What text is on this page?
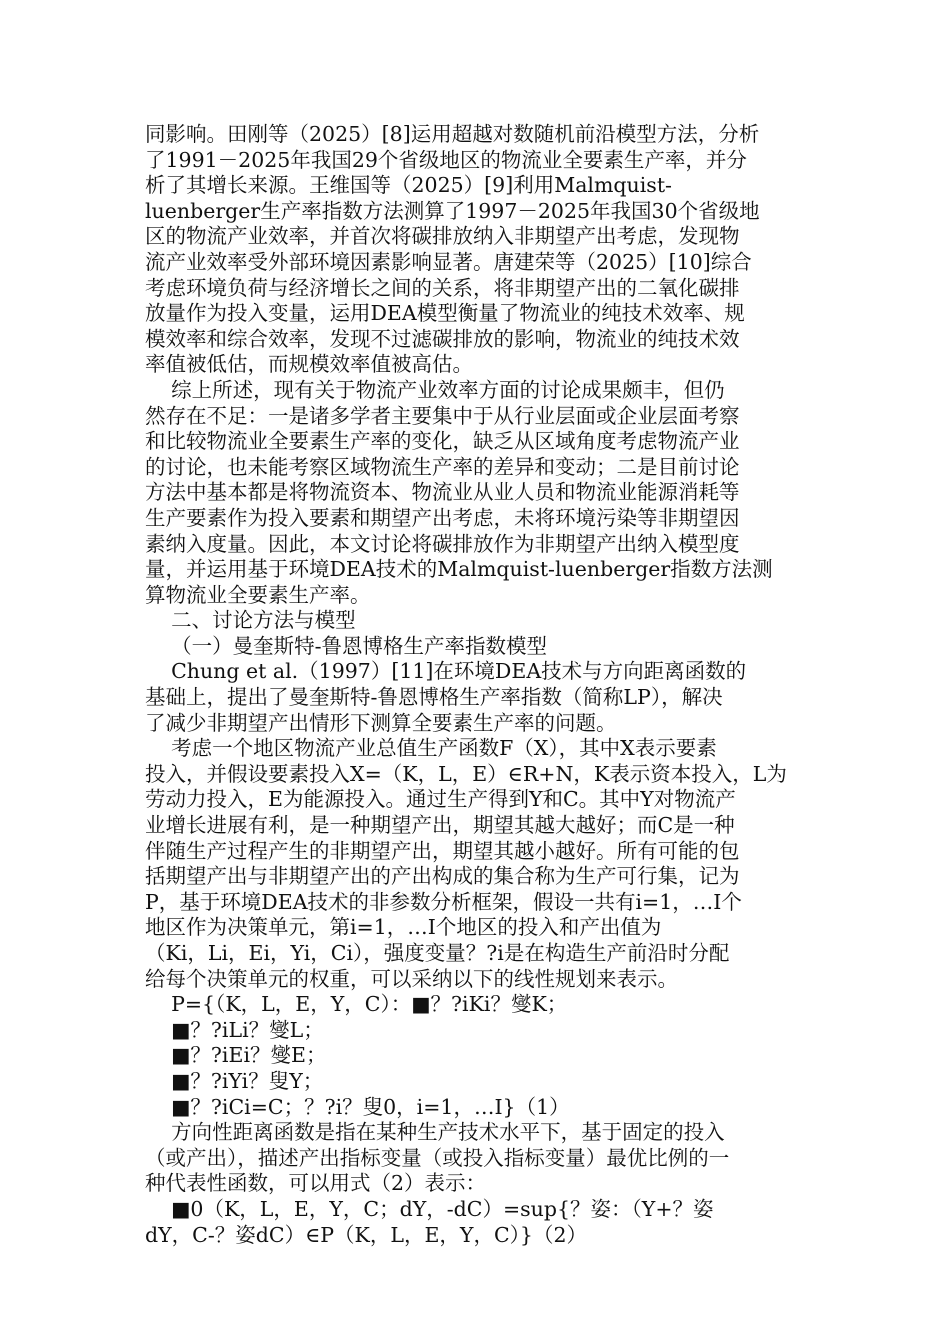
同影响。田刚等（2025）[8]运用超越对数随机前沿模型方法，分析
了1991－2025年我国29个省级地区的物流业全要素生产率，并分
析了其增长来源。王维国等（2025）[9]利用Malmquist-
luenberger生产率指数方法测算了1997－2025年我国30个省级地
区的物流产业效率，并首次将碳排放纳入非期望产出考虑，发现物
流产业效率受外部环境因素影响显著。唐建荣等（2025）[10]综合
考虑环境负荷与经济增长之间的关系，将非期望产出的二氧化碳排
放量作为投入变量，运用DEA模型衡量了物流业的纯技术效率、规
模效率和综合效率，发现不过滤碳排放的影响，物流业的纯技术效
率值被低估，而规模效率值被高估。
综上所述，现有关于物流产业效率方面的讨论成果颇丰，但仍
然存在不足：一是诸多学者主要集中于从行业层面或企业层面考察
和比较物流业全要素生产率的变化，缺乏从区域角度考虑物流产业
的讨论，也未能考察区域物流生产率的差异和变动；二是目前讨论
方法中基本都是将物流资本、物流业从业人员和物流业能源消耗等
生产要素作为投入要素和期望产出考虑，未将环境污染等非期望因
素纳入度量。因此，本文讨论将碳排放作为非期望产出纳入模型度
量，并运用基于环境DEA技术的Malmquist-luenberger指数方法测
算物流业全要素生产率。
二、讨论方法与模型
（一）曼奎斯特-鲁恩博格生产率指数模型
Chung et al.（1997）[11]在环境DEA技术与方向距离函数的
基础上，提出了曼奎斯特-鲁恩博格生产率指数（简称LP），解决
了减少非期望产出情形下测算全要素生产率的问题。
考虑一个地区物流产业总值生产函数F（X），其中X表示要素
投入，并假设要素投入X=（K，L，E）∈R+N，K表示资本投入，L为
劳动力投入，E为能源投入。通过生产得到Y和C。其中Y对物流产
业增长进展有利，是一种期望产出，期望其越大越好；而C是一种
伴随生产过程产生的非期望产出，期望其越小越好。所有可能的包
括期望产出与非期望产出的产出构成的集合称为生产可行集，记为
P，基于环境DEA技术的非参数分析框架，假设一共有i=1，…I个
地区作为决策单元，第i=1，…I个地区的投入和产出值为
（Ki，Li，Ei，Yi，Ci），强度变量？?i是在构造生产前沿时分配
给每个决策单元的权重，可以采纳以下的线性规划来表示。
P={（K，L，E，Y，C）：■？?iKi？燮K；
■？?iLi？燮L；
■？?iEi？燮E；
■？?iYi？叟Y；
■？?iCi=C；？?i？叟0，i=1，…I}（1）
方向性距离函数是指在某种生产技术水平下，基于固定的投入
（或产出），描述产出指标变量（或投入指标变量）最优比例的一
种代表性函数，可以用式（2）表示：
■0（K，L，E，Y，C；dY，-dC）=sup{？姿：（Y+？姿
dY，C-？姿dC）∈P（K，L，E，Y，C）}（2）
